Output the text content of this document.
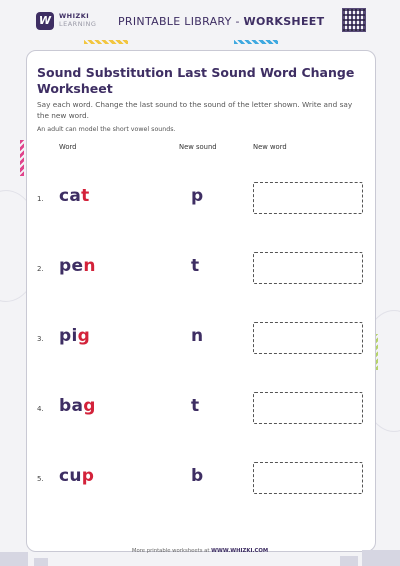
W	WHIZKI
LEARNING PRINTABLE LIBRARY - WORKSHEET
Sound Substitution Last Sound Word Change Worksheet

Say each word. Change the last sound to the sound of the letter shown. Write and say the new word.

An adult can model the short vowel sounds.

Word	New sound	New word
1. cat	p
2. pen	t
3. pig	n
4. bag	t
5. cup	b
More printable worksheets at WWW.WHIZKI.COM
